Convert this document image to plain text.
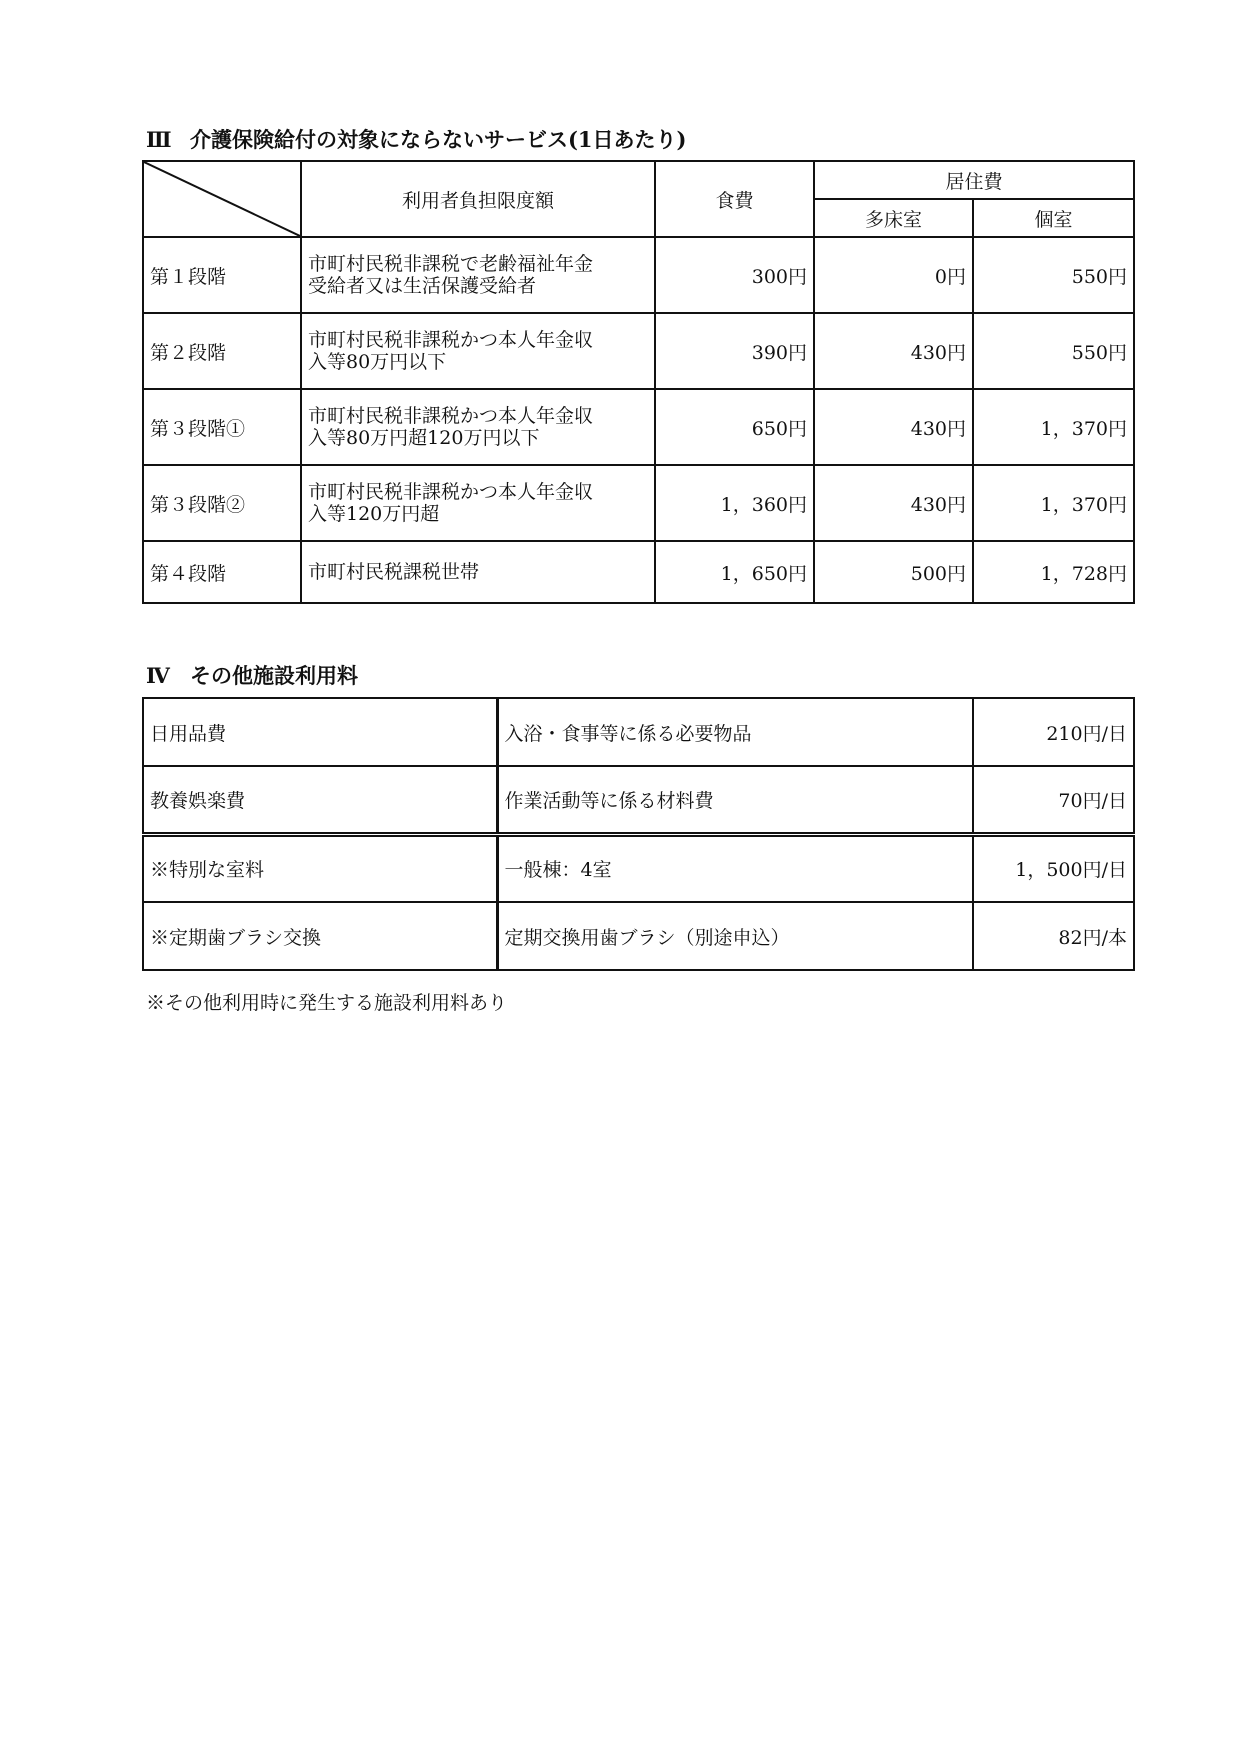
Ⅲ 介護保険給付の対象にならないサービス(1日あたり)
	利用者負担限度額	食費	居住費	
			多床室	個室
第１段階	市町村民税非課税で老齢福祉年金
受給者又は生活保護受給者	300円	0円	550円
第２段階	市町村民税非課税かつ本人年金収
入等80万円以下	390円	430円	550円
第３段階①	市町村民税非課税かつ本人年金収
入等80万円超120万円以下	650円	430円	1，370円
第３段階②	市町村民税非課税かつ本人年金収
入等120万円超	1，360円	430円	1，370円
第４段階	市町村民税課税世帯	1，650円	500円	1，728円
Ⅳ その他施設利用料
日用品費	入浴・食事等に係る必要物品	210円/日
教養娯楽費	作業活動等に係る材料費	70円/日
※特別な室料	一般棟：4室	1，500円/日
※定期歯ブラシ交換	定期交換用歯ブラシ（別途申込）	82円/本
※その他利用時に発生する施設利用料あり
